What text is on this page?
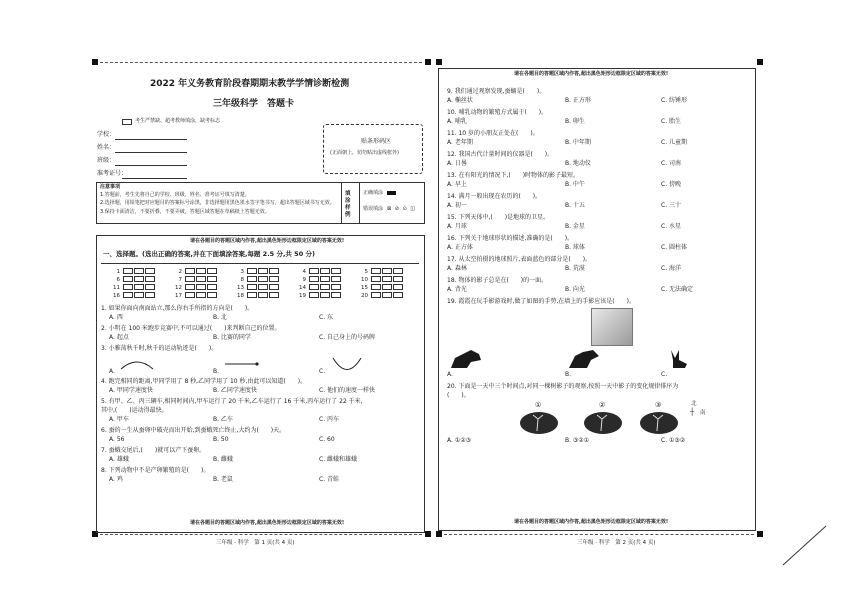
2022 年义务教育阶段春期期末教学学情诊断检测
三年级科学　答题卡
考生严禁缺、超考教师填涂，缺考标志
学校：
姓名：
班级：
准考证号：
贴条形码区
(正面朝上，切勿贴出虚线框外)
注意事项
1.答题前，考生先将自己的学校、班级、姓名、准考证号填写清楚。
2.选择题，用铅笔把对应题目的答案标号涂黑，非选择题用黑色墨水签字笔书写，超出答题区域书写无效。
3.保持卡面清洁，不要折叠，不要弄破，答题区域答题在草稿纸上答题无效。
填涂样例
正确填涂
错误填涂 ⊠ ⊘ ⊙ ◫
请在各题目的答题区域内作答,超出黑色矩形边框限定区域的答案无效!
一、选择题。(选出正确的答案,并在下面填涂答案,每题 2.5 分,共 50 分)
1	2	3	4	5
6	7	8	9	10
11	12	13	14	15
16	17	18	19	20
1. 如果你面向南面站立,那么你右手所指的方向是(　　)。
A. 西	B. 北	C. 东
2. 小明在 100 米跑步竞赛中,不可以通过(　　)来判断自己的位置。
A. 起点	B. 比赛的同学	C. 自己身上的号码牌
3. 小雅荡秋千时,秋千的运动轨迹是(　　)。
A.	B.	C.
4. 跑完相同的距离,甲同学用了 8 秒,乙同学用了 10 秒,由此可以知道(　　)。
A. 甲同学速度快	B. 乙同学速度快	C. 他们的速度一样快
5. 有甲、乙、丙三辆车,相同时间内,甲车运行了 20 千米,乙车运行了 16 千米,丙车运行了 22 千米,
其中,(　　)运动得最快。
A. 甲车	B. 乙车	C. 丙车
6. 蚕的一生从蚕卵中破壳而出开始,到蚕蛾死亡终止,大约为(　　)天。
A. 56	B. 50	C. 60
7. 蚕蛾交尾后,(　　)就可以产下蚕卵。
A. 雄蛾	B. 雌蛾	C. 雌蛾和雄蛾
8. 下列动物中不是产卵繁殖的是(　　)。
A. 鸡	B. 老鼠	C. 青蛙
请在各题目的答题区域内作答,超出黑色矩形边框限定区域的答案无效!
请在各题目的答题区域内作答,超出黑色矩形边框限定区域的答案无效!
9. 我们通过观察发现,蚕蛹是(　　)。
A. 椭丝状	B. 正方形	C. 纺锤形
10. 哺乳动物的繁殖方式属于(　　)。
A. 哺乳	B. 卵生	C. 胎生
11. 10 岁的小朋友正处在(　　)。
A. 老年期	B. 中年期	C. 儿童期
12. 我国古代计量时间的仪器是(　　)。
A. 日晷	B. 地动仪	C. 司南
13. 在有阳光的情况下,(　　)时物体的影子最短。
A. 早上	B. 中午	C. 傍晚
14. 满月一般出现在农历的(　　)。
A. 初一	B. 十五	C. 三十
15. 下列天体中,(　　)是地球的卫星。
A. 月球	B. 金星	C. 水星
16. 下列关于地球形状的描述,准确的是(　　)。
A. 正方体	B. 球体	C. 圆柱体
17. 从太空拍摄的地球照片,表面蓝色的部分是(　　)。
A. 森林	B. 荒漠	C. 海洋
18. 物体的影子总是在(　　)的一面。
A. 背光	B. 向光	C. 无法确定
19. 霞霞在玩手影游戏时,做了如图的手势,在墙上的手影应该是(　　)。
A.	B.	C.
20. 下面是一天中三个时间点,对同一棵树影子的观察,按照一天中影子的变化规律排序为
(　　)。
①	②	③	北
┼ 南
A. ①②③	B. ③②①	C. ①③②
请在各题目的答题区域内作答,超出黑色矩形边框限定区域的答案无效!
三年级 · 科学　第 1 页(共 4 页)	三年级 · 科学　第 2 页(共 4 页)
